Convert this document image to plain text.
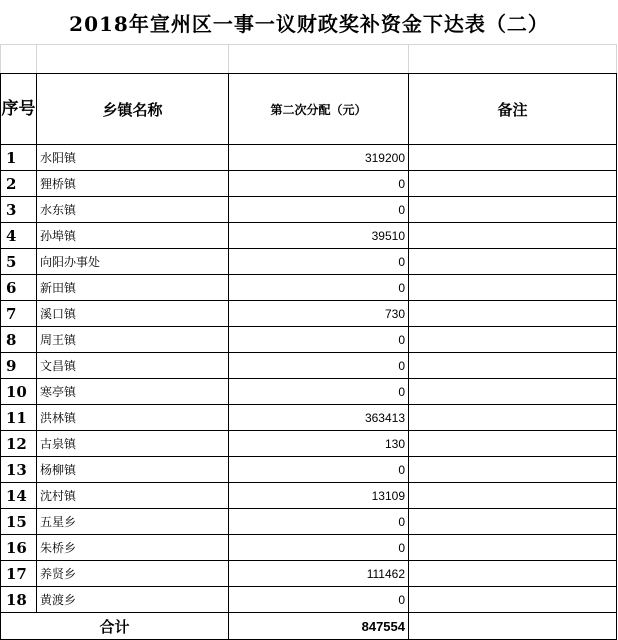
2018年宣州区一事一议财政奖补资金下达表（二）

序号	乡镇名称	第二次分配（元）	备注
1	水阳镇	319200	
2	狸桥镇	0	
3	水东镇	0	
4	孙埠镇	39510	
5	向阳办事处	0	
6	新田镇	0	
7	溪口镇	730	
8	周王镇	0	
9	文昌镇	0	
10	寒亭镇	0	
11	洪林镇	363413	
12	古泉镇	130	
13	杨柳镇	0	
14	沈村镇	13109	
15	五星乡	0	
16	朱桥乡	0	
17	养贤乡	111462	
18	黄渡乡	0	
合计		847554	
